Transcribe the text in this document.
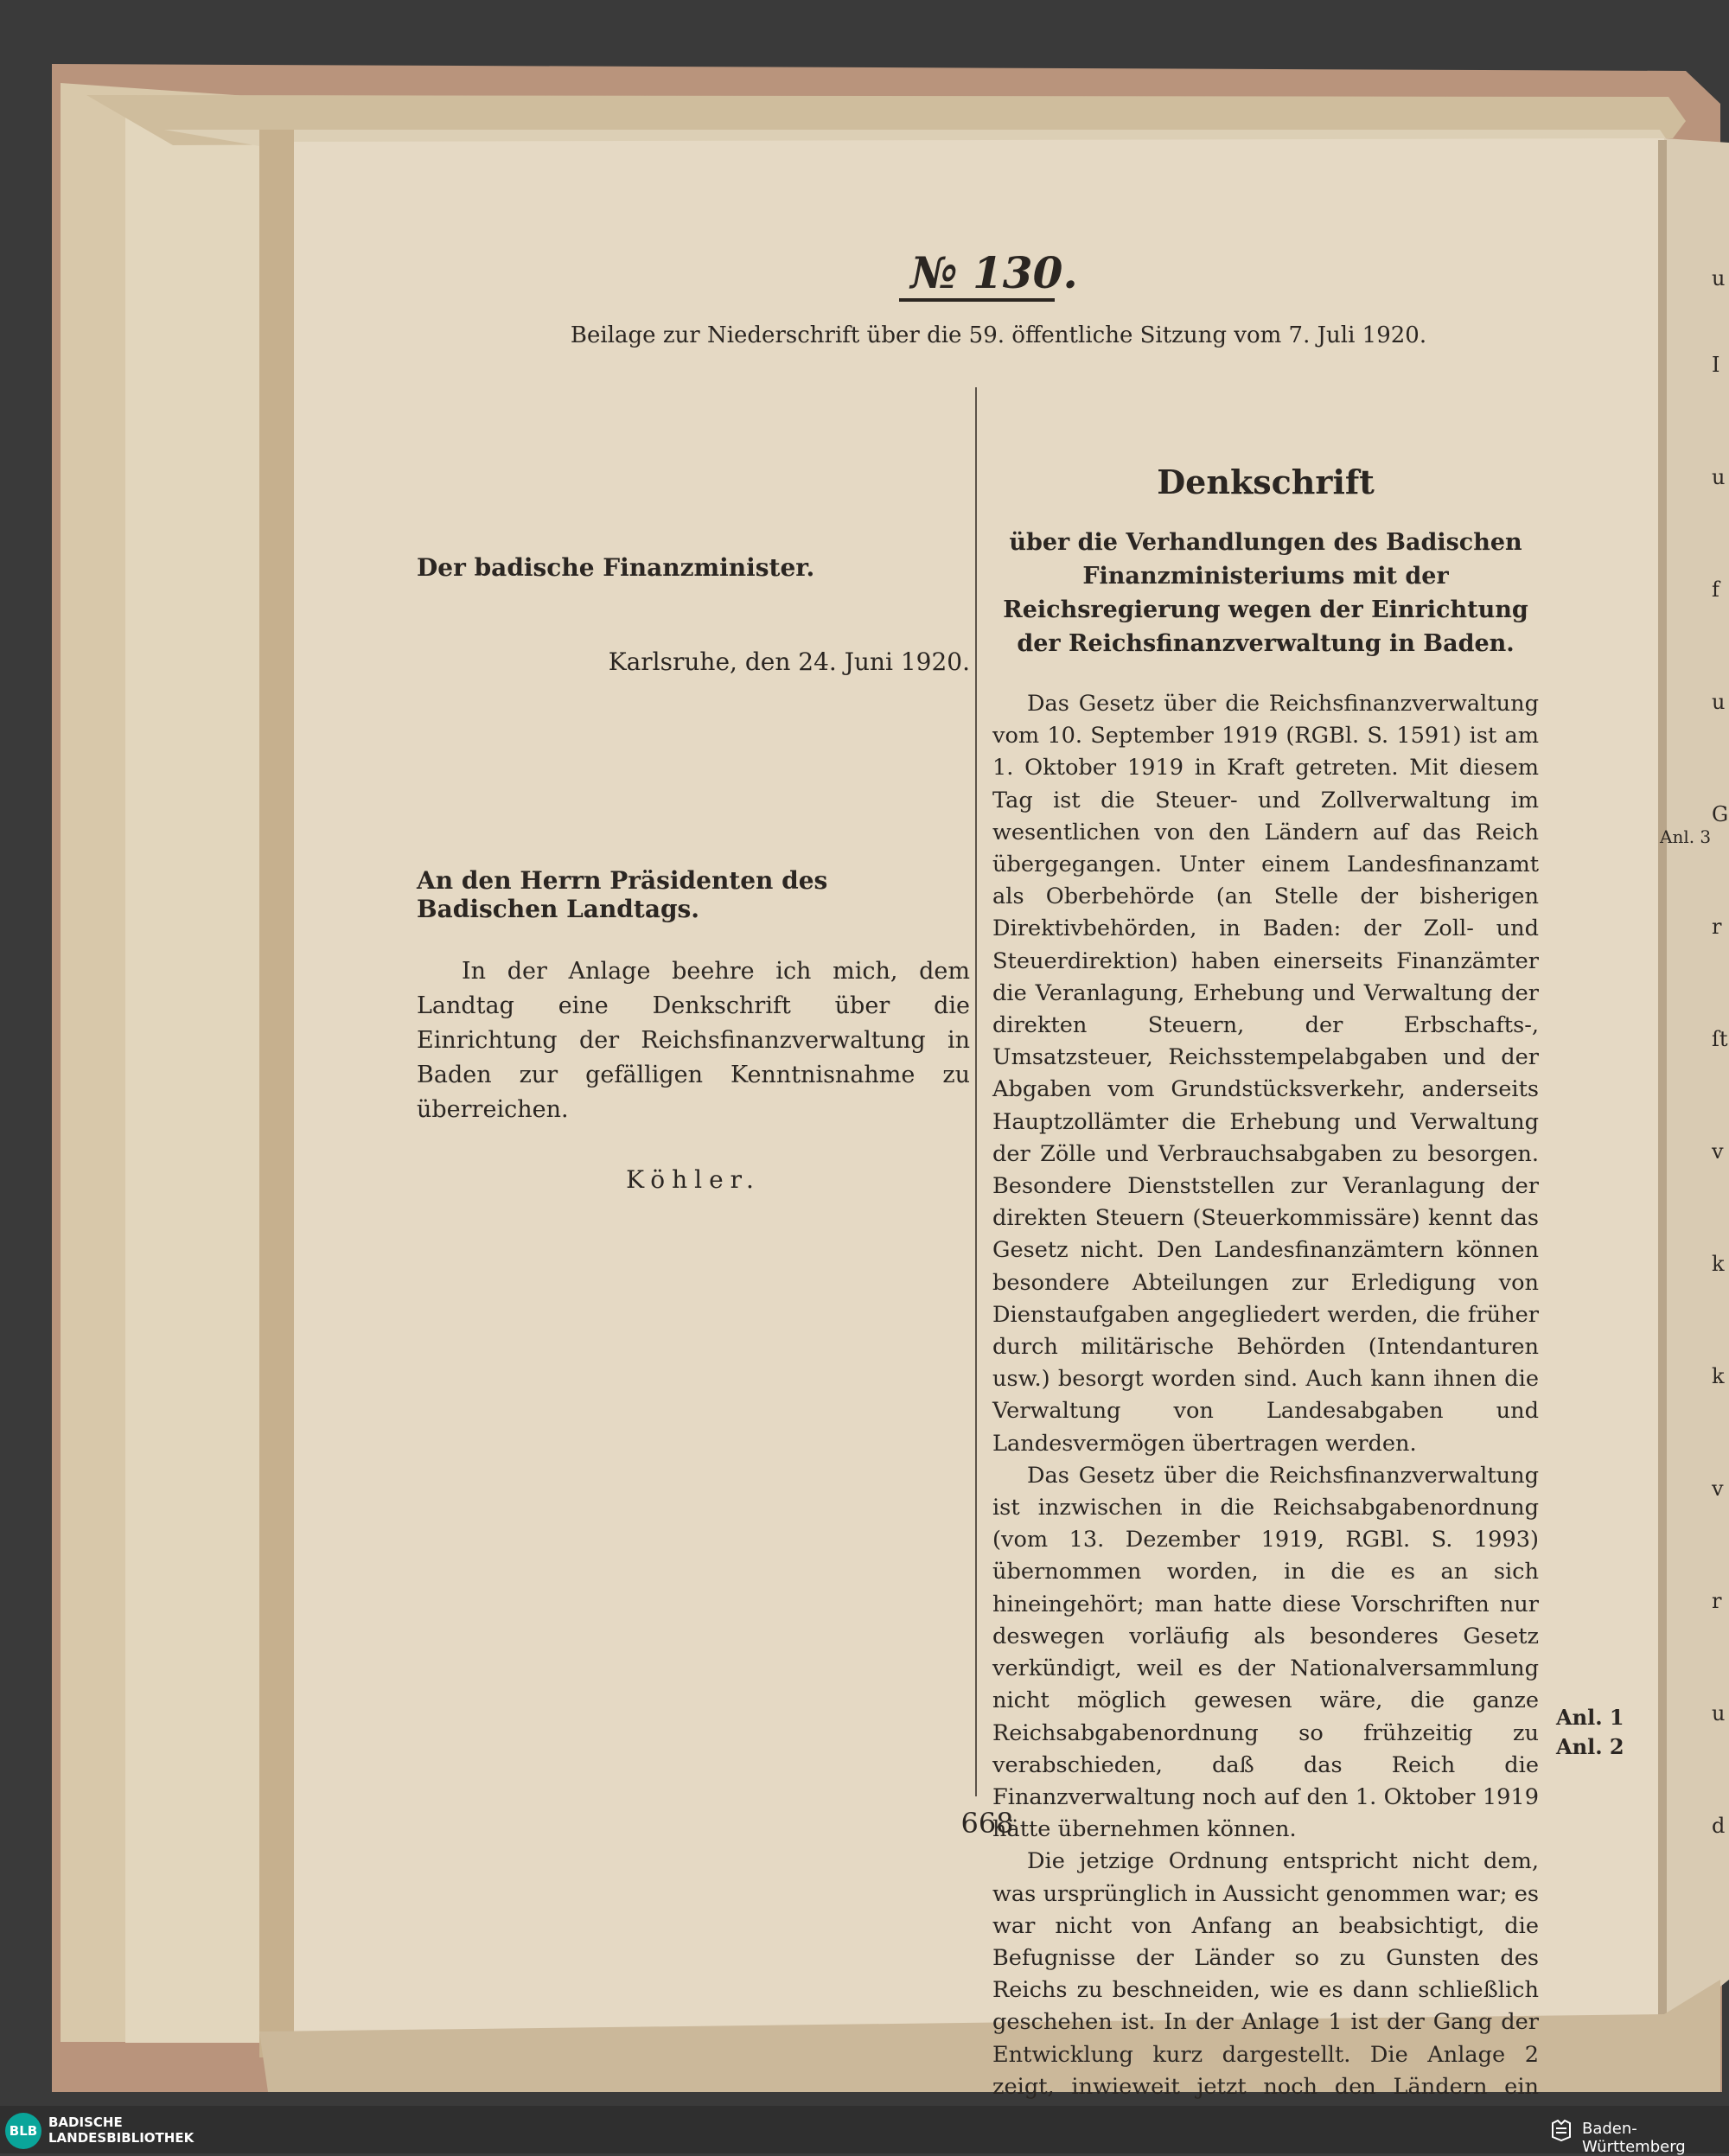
u
I
u
f
u
G
r
ſt
v
k
k
v
r
u
d
Anl. 3
№ 130.
Beilage zur Niederschrift über die 59. öffentliche Sitzung vom 7. Juli 1920.

Der badische Finanzminister.

Karlsruhe, den 24. Juni 1920.

An den Herrn Präsidenten des Badischen Landtags.

In der Anlage beehre ich mich, dem Landtag eine Denkschrift über die Einrichtung der Reichsfinanzverwaltung in Baden zur gefälligen Kenntnisnahme zu überreichen.

Köhler.

Denkschrift

über die Verhandlungen des Badischen Finanzministeriums mit der Reichsregierung wegen der Einrichtung der Reichsfinanzverwaltung in Baden.

Das Gesetz über die Reichsfinanzverwaltung vom 10. September 1919 (RGBl. S. 1591) ist am 1. Oktober 1919 in Kraft getreten. Mit diesem Tag ist die Steuer- und Zollverwaltung im wesentlichen von den Ländern auf das Reich übergegangen. Unter einem Landesfinanzamt als Oberbehörde (an Stelle der bisherigen Direktivbehörden, in Baden: der Zoll- und Steuerdirektion) haben einerseits Finanzämter die Veranlagung, Erhebung und Verwaltung der direkten Steuern, der Erbschafts-, Umsatzsteuer, Reichsstempelabgaben und der Abgaben vom Grundstücksverkehr, anderseits Hauptzollämter die Erhebung und Verwaltung der Zölle und Verbrauchsabgaben zu besorgen. Besondere Dienststellen zur Veranlagung der direkten Steuern (Steuerkommissäre) kennt das Gesetz nicht. Den Landesfinanzämtern können besondere Abteilungen zur Erledigung von Dienstaufgaben angegliedert werden, die früher durch militärische Behörden (Intendanturen usw.) besorgt worden sind. Auch kann ihnen die Verwaltung von Landesabgaben und Landesvermögen übertragen werden.

Das Gesetz über die Reichsfinanzverwaltung ist inzwischen in die Reichsabgabenordnung (vom 13. Dezember 1919, RGBl. S. 1993) übernommen worden, in die es an sich hineingehört; man hatte diese Vorschriften nur deswegen vorläufig als besonderes Gesetz verkündigt, weil es der Nationalversammlung nicht möglich gewesen wäre, die ganze Reichsabgabenordnung so frühzeitig zu verabschieden, daß das Reich die Finanzverwaltung noch auf den 1. Oktober 1919 hätte übernehmen können.

Die jetzige Ordnung entspricht nicht dem, was ursprünglich in Aussicht genommen war; es war nicht von Anfang an beabsichtigt, die Befugnisse der Länder so zu Gunsten des Reichs zu beschneiden, wie es dann schließlich geschehen ist. In der Anlage 1 ist der Gang der Entwicklung kurz dargestellt. Die Anlage 2 zeigt, inwieweit jetzt noch den Ländern ein

Anl. 1
Anl. 2
668
BLB
BADISCHE
LANDESBIBLIOTHEK	Baden-Württemberg
